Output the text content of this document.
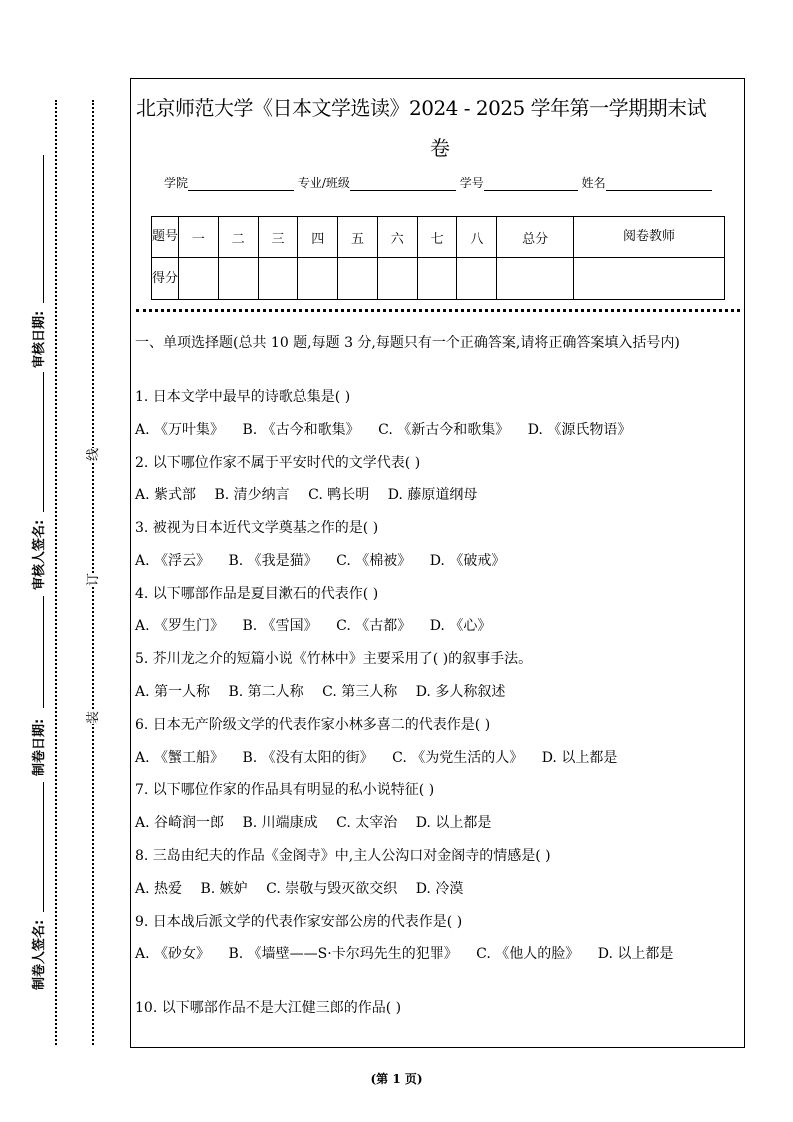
审核日期:
审核人签名:
制卷日期:
制卷人签名:
线
订
装
北京师范大学《日本文学选读》2024 - 2025 学年第一学期期末试
卷
学院	专业/班级	学号	姓名
题号	一	二	三	四	五	六	七	八	总分	阅卷教师
得分										
一、单项选择题(总共 10 题,每题 3 分,每题只有一个正确答案,请将正确答案填入括号内)
1. 日本文学中最早的诗歌总集是( )
A. 《万叶集》 B. 《古今和歌集》 C. 《新古今和歌集》 D. 《源氏物语》
2. 以下哪位作家不属于平安时代的文学代表( )
A. 紫式部 B. 清少纳言 C. 鸭长明 D. 藤原道纲母
3. 被视为日本近代文学奠基之作的是( )
A. 《浮云》 B. 《我是猫》 C. 《棉被》 D. 《破戒》
4. 以下哪部作品是夏目漱石的代表作( )
A. 《罗生门》 B. 《雪国》 C. 《古都》 D. 《心》
5. 芥川龙之介的短篇小说《竹林中》主要采用了( )的叙事手法。
A. 第一人称 B. 第二人称 C. 第三人称 D. 多人称叙述
6. 日本无产阶级文学的代表作家小林多喜二的代表作是( )
A. 《蟹工船》 B. 《没有太阳的街》 C. 《为党生活的人》 D. 以上都是
7. 以下哪位作家的作品具有明显的私小说特征( )
A. 谷崎润一郎 B. 川端康成 C. 太宰治 D. 以上都是
8. 三岛由纪夫的作品《金阁寺》中,主人公沟口对金阁寺的情感是( )
A. 热爱 B. 嫉妒 C. 崇敬与毁灭欲交织 D. 冷漠
9. 日本战后派文学的代表作家安部公房的代表作是( )
A. 《砂女》 B. 《墙壁——S·卡尔玛先生的犯罪》 C. 《他人的脸》 D. 以上都是
10. 以下哪部作品不是大江健三郎的作品( )
(第 1 页)
